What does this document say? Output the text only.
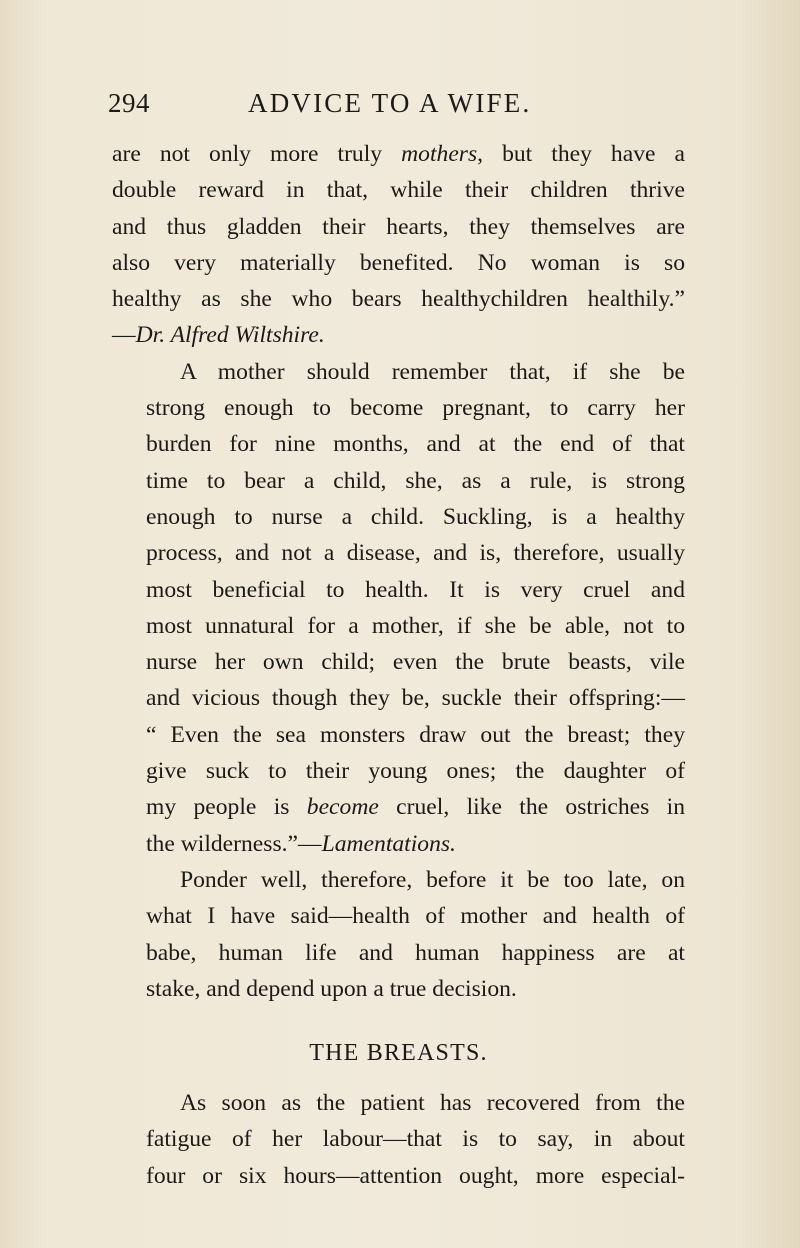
294	ADVICE TO A WIFE.

are not only more truly mothers, but they have a
double reward in that, while their children thrive
and thus gladden their hearts, they themselves are
also very materially benefited. No woman is so
healthy as she who bears healthychildren healthily.”
—Dr. Alfred Wiltshire.

A mother should remember that, if she be
strong enough to become pregnant, to carry her
burden for nine months, and at the end of that
time to bear a child, she, as a rule, is strong
enough to nurse a child. Suckling, is a healthy
process, and not a disease, and is, therefore, usually
most beneficial to health. It is very cruel and
most unnatural for a mother, if she be able, not to
nurse her own child; even the brute beasts, vile
and vicious though they be, suckle their offspring:—
“ Even the sea monsters draw out the breast; they
give suck to their young ones; the daughter of
my people is become cruel, like the ostriches in
the wilderness.”—Lamentations.

Ponder well, therefore, before it be too late, on
what I have said—health of mother and health of
babe, human life and human happiness are at
stake, and depend upon a true decision.

THE BREASTS.

As soon as the patient has recovered from the
fatigue of her labour—that is to say, in about
four or six hours—attention ought, more especial-
